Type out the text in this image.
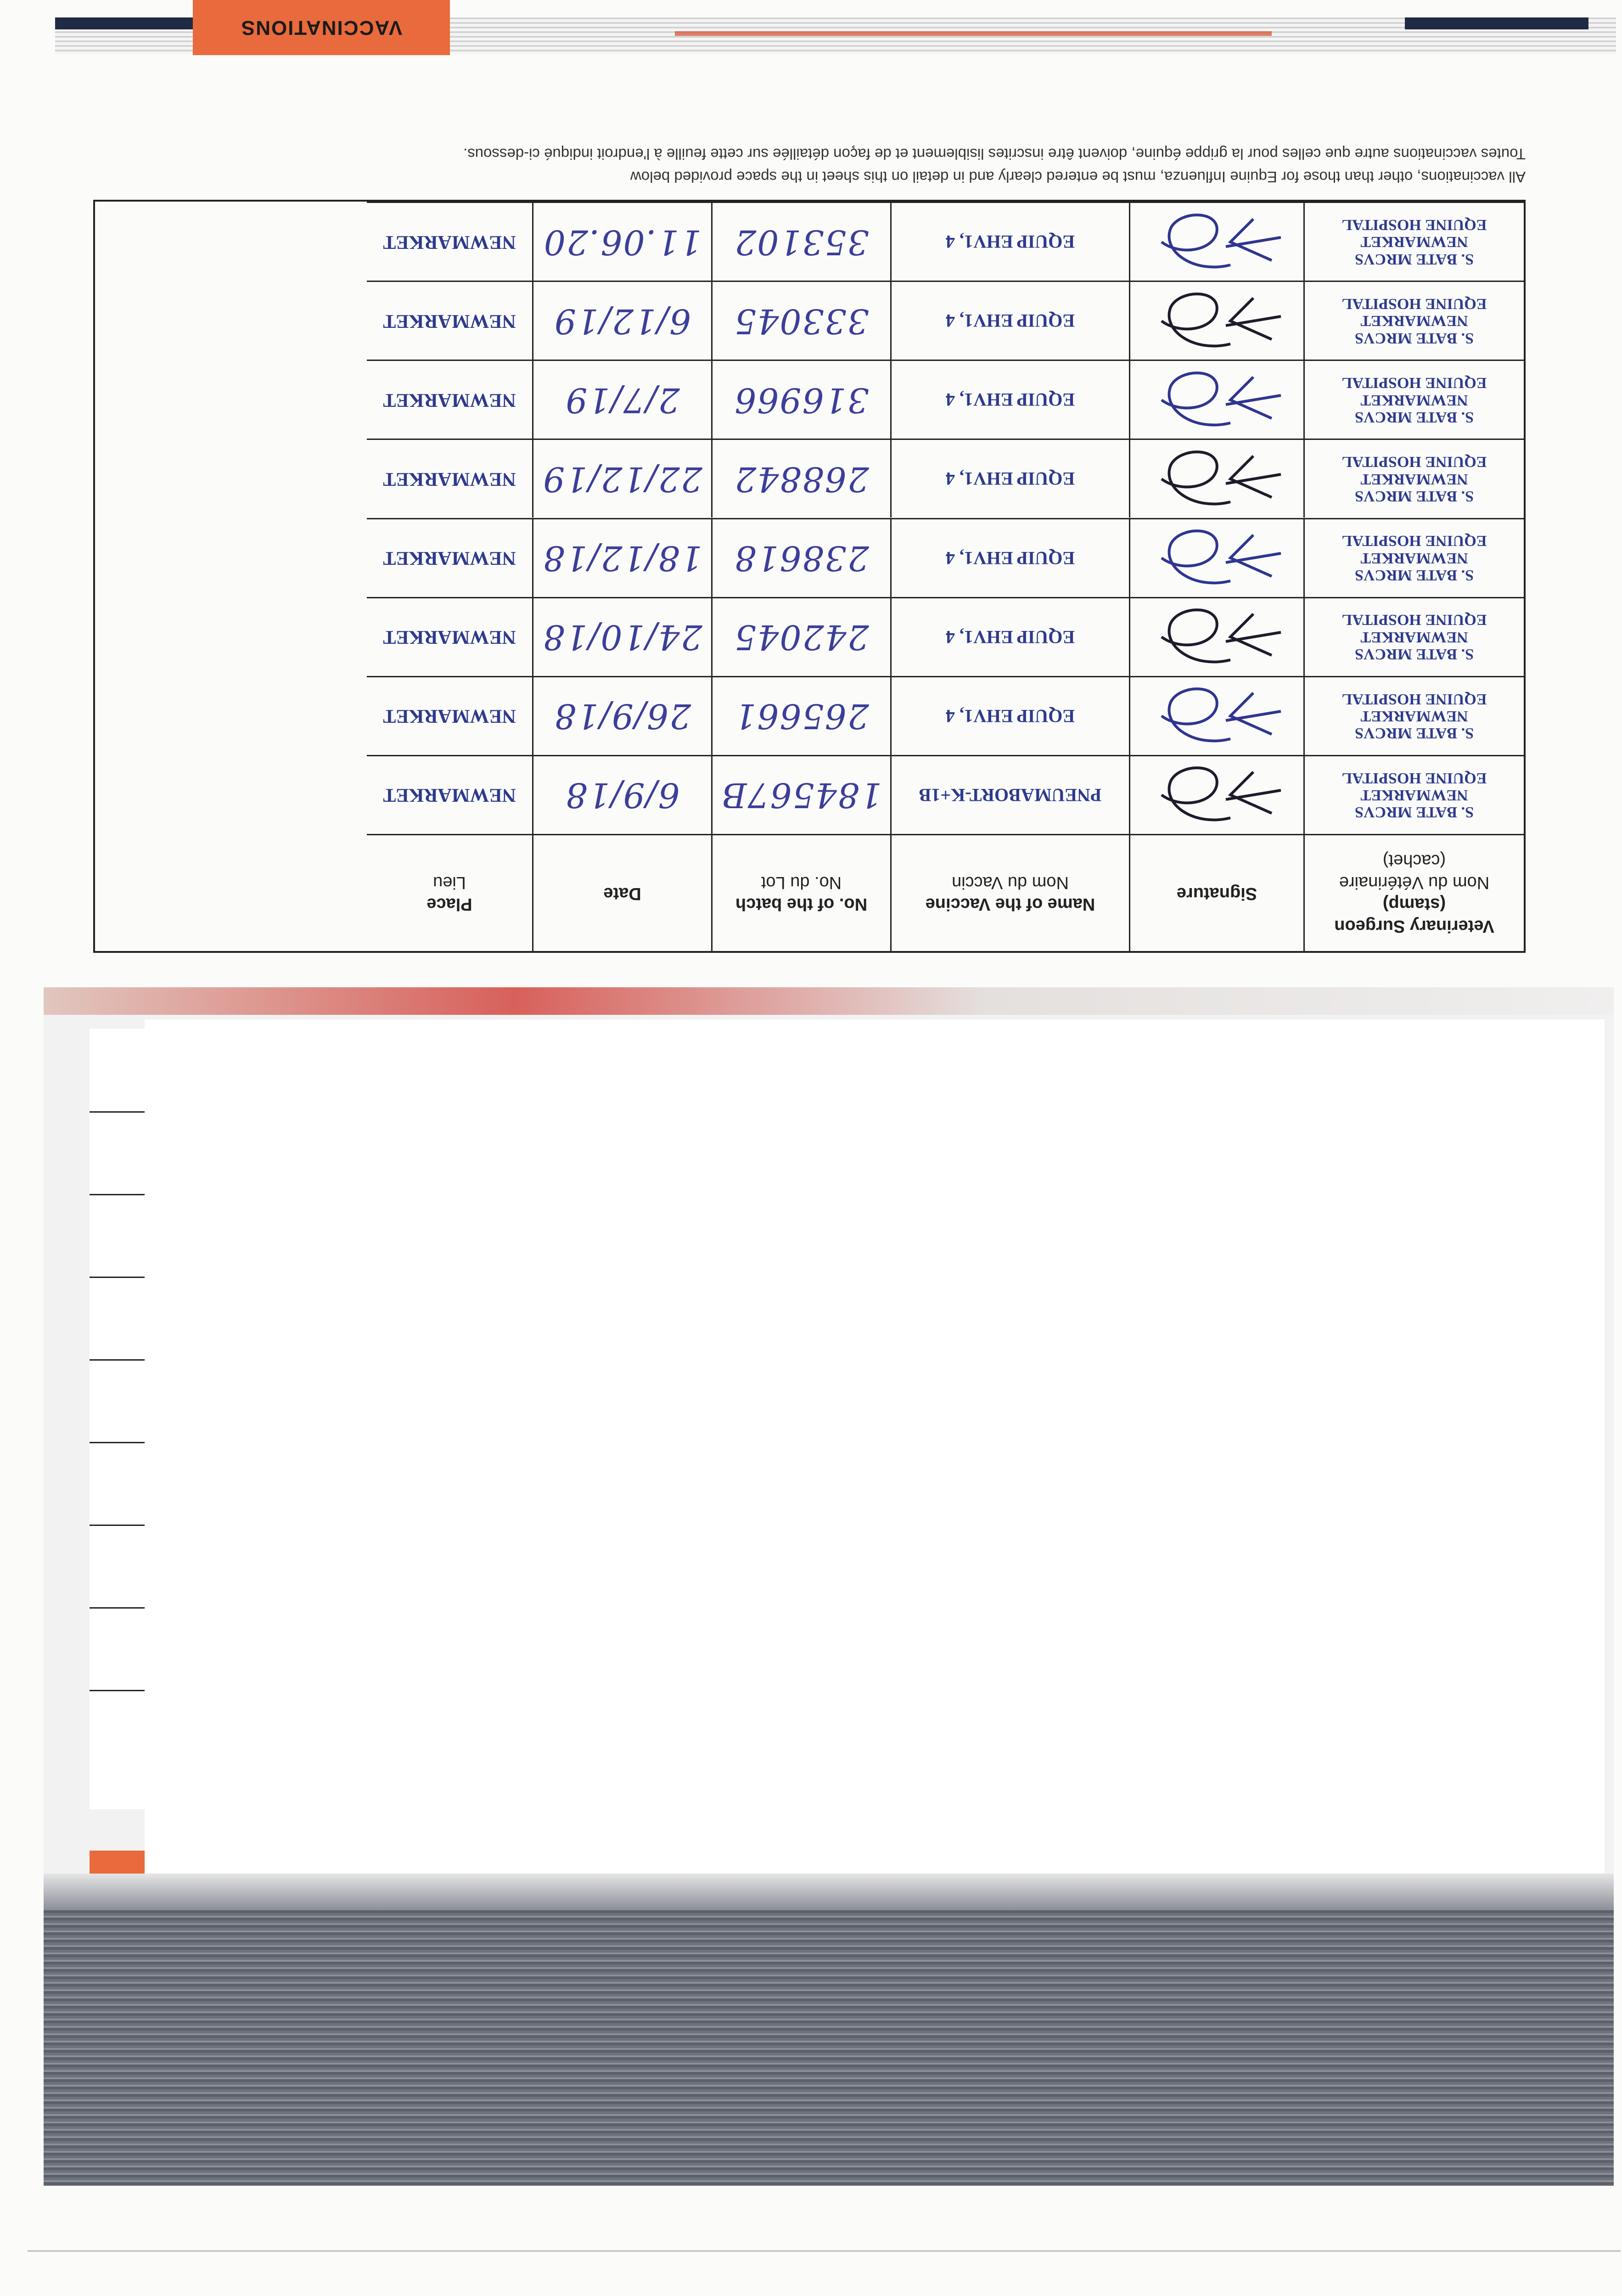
VACCINATIONS
Veterinary Surgeon
(stamp)
Nom du Vétérinaire
(cachet)
Signature
Name of the Vaccine
Nom du Vaccin
No. of the batch
No. du Lot
Date
Place
Lieu
S. BATE MRCVS
NEWMARKET
EQUINE HOSPITAL
PNEUMABORT-K+1B
184567B
6/9/18
NEWMARKET
S. BATE MRCVS
NEWMARKET
EQUINE HOSPITAL
EQUIP EHV1, 4
265661
26/9/18
NEWMARKET
S. BATE MRCVS
NEWMARKET
EQUINE HOSPITAL
EQUIP EHV1, 4
242045
24/10/18
NEWMARKET
S. BATE MRCVS
NEWMARKET
EQUINE HOSPITAL
EQUIP EHV1, 4
238618
18/12/18
NEWMARKET
S. BATE MRCVS
NEWMARKET
EQUINE HOSPITAL
EQUIP EHV1, 4
268842
22/12/19
NEWMARKET
S. BATE MRCVS
NEWMARKET
EQUINE HOSPITAL
EQUIP EHV1, 4
316966
2/7/19
NEWMARKET
S. BATE MRCVS
NEWMARKET
EQUINE HOSPITAL
EQUIP EHV1, 4
333045
6/12/19
NEWMARKET
S. BATE MRCVS
NEWMARKET
EQUINE HOSPITAL
EQUIP EHV1, 4
353102
11.06.20
NEWMARKET
All vaccinations, other than those for Equine Influenza, must be entered clearly and in detail on this sheet in the space provided below
Toutes vaccinations autre que celles pour la grippe équine, doivent être inscrites lisiblement et de façon détaillée sur cette feuille à l'endroit indiqué ci-dessous.
